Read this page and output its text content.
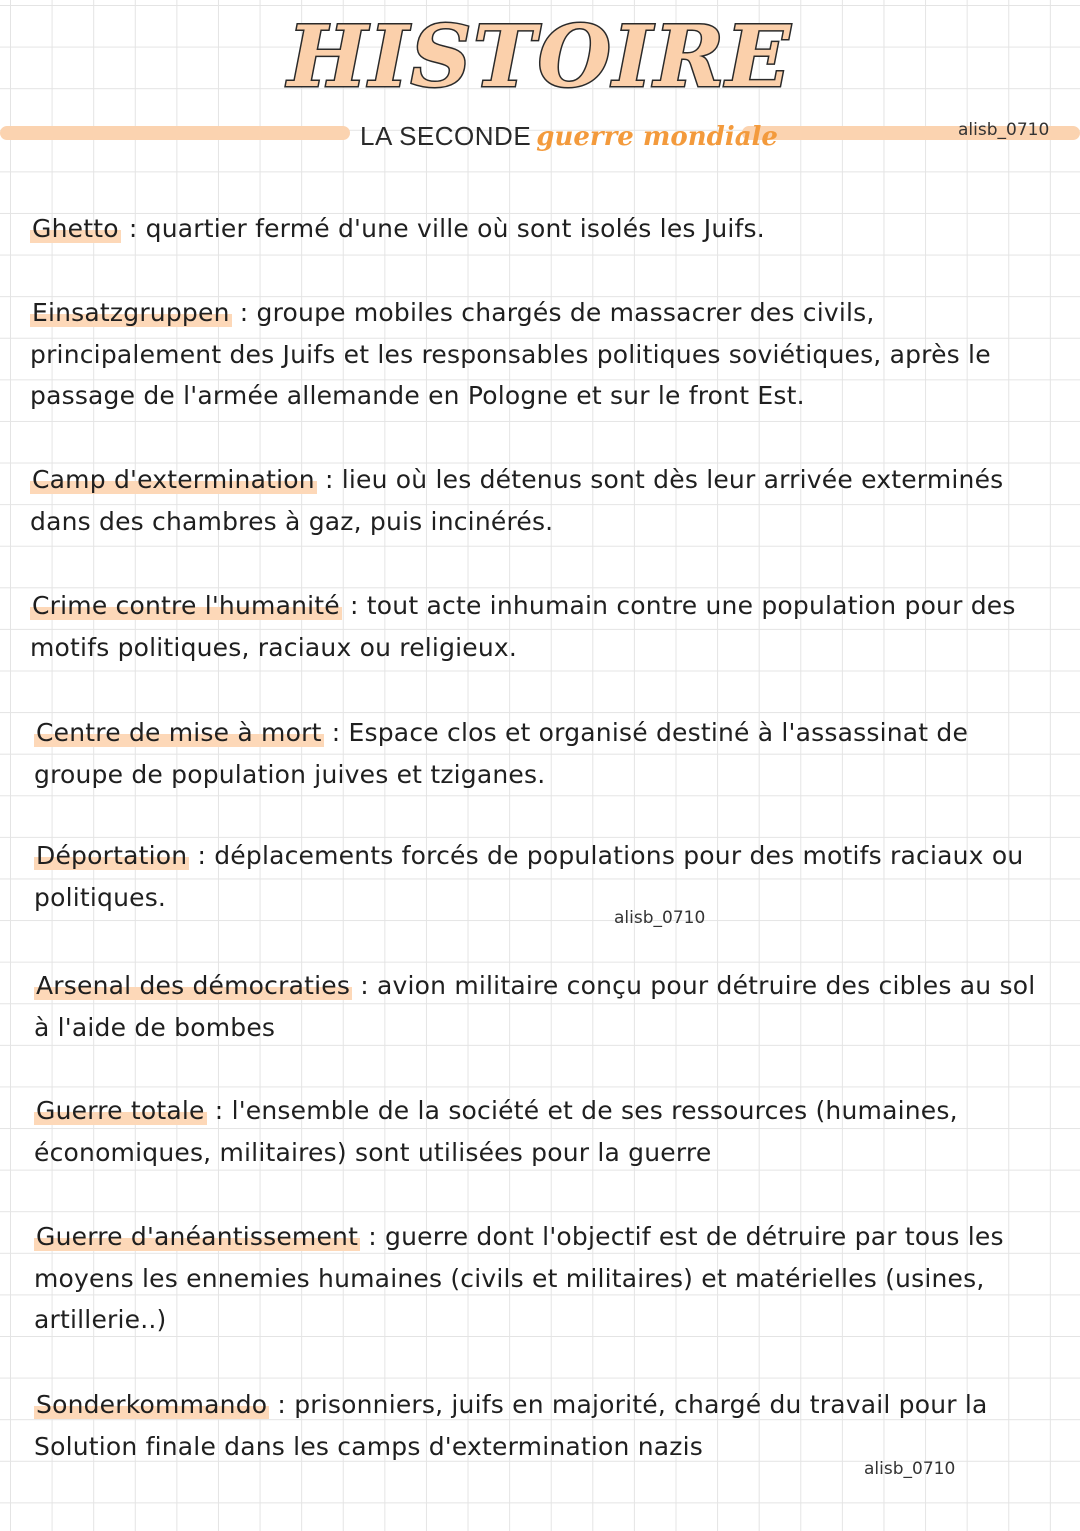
HISTOIRE
LA SECONDE guerre mondiale	alisb_0710
alisb_0710
alisb_0710

Ghetto : quartier fermé d'une ville où sont isolés les Juifs.

Einsatzgruppen : groupe mobiles chargés de massacrer des civils, principalement des Juifs et les responsables politiques soviétiques, après le passage de l'armée allemande en Pologne et sur le front Est.

Camp d'extermination : lieu où les détenus sont dès leur arrivée exterminés dans des chambres à gaz, puis incinérés.

Crime contre l'humanité : tout acte inhumain contre une population pour des motifs politiques, raciaux ou religieux.

Centre de mise à mort : Espace clos et organisé destiné à l'assassinat de groupe de population juives et tziganes.

Déportation : déplacements forcés de populations pour des motifs raciaux ou politiques.

Arsenal des démocraties : avion militaire conçu pour détruire des cibles au sol à l'aide de bombes

Guerre totale : l'ensemble de la société et de ses ressources (humaines, économiques, militaires) sont utilisées pour la guerre

Guerre d'anéantissement : guerre dont l'objectif est de détruire par tous les moyens les ennemies humaines (civils et militaires) et matérielles (usines, artillerie..)

Sonderkommando : prisonniers, juifs en majorité, chargé du travail pour la Solution finale dans les camps d'extermination nazis
